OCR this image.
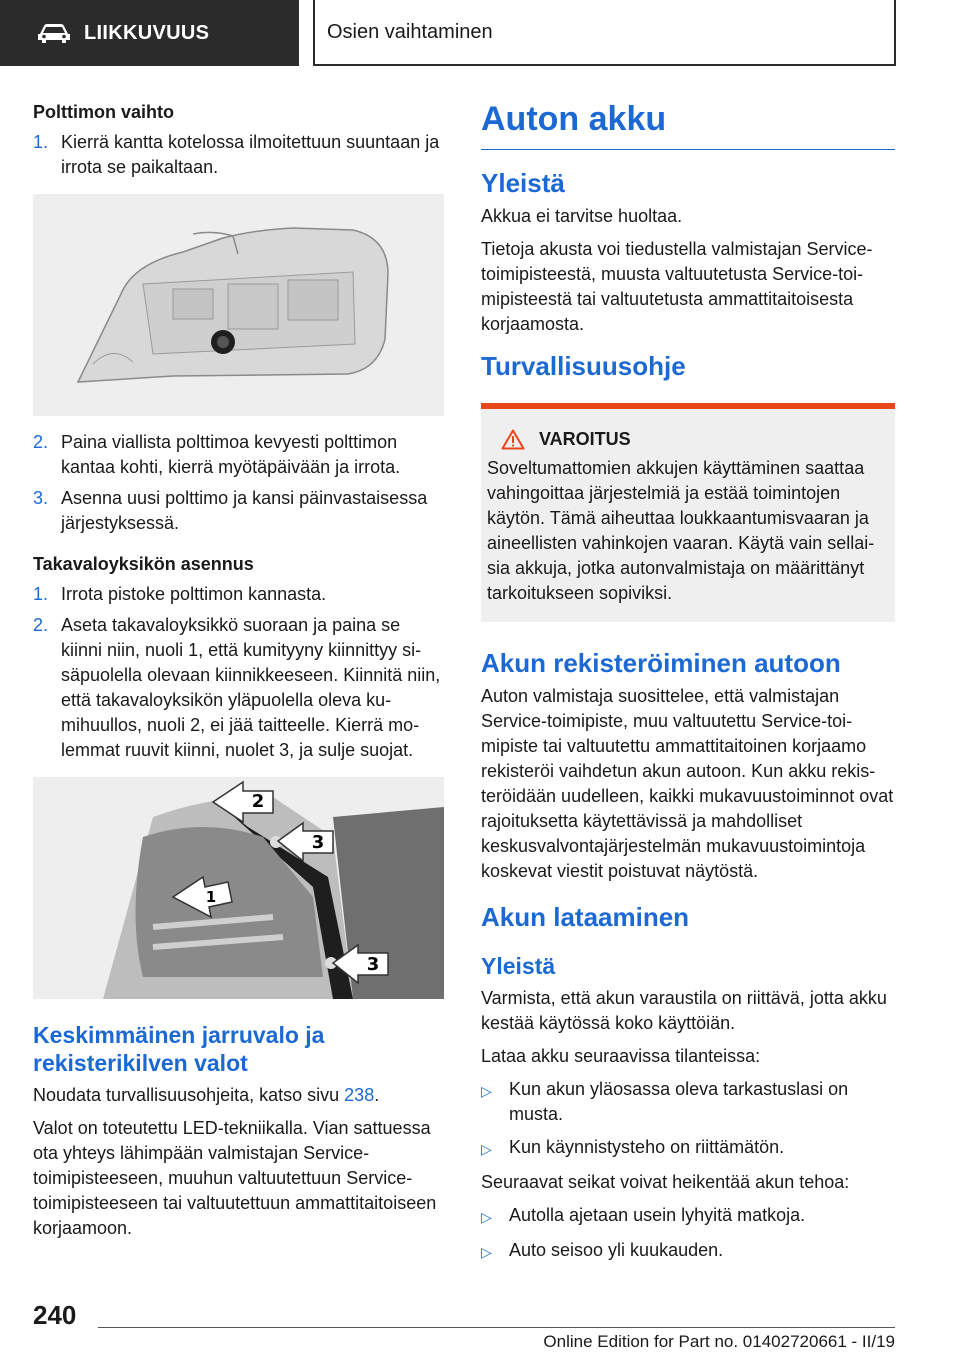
LIIKKUVUUS	Osien vaihtaminen
Polttimon vaihto
1. Kierrä kantta kotelossa ilmoitettuun suuntaan ja irrota se paikaltaan.
2. Paina viallista polttimoa kevyesti polttimon kantaa kohti, kierrä myötäpäivään ja irrota.
3. Asenna uusi polttimo ja kansi päinvastaisessa järjestyksessä.
Takavaloyksikön asennus
1. Irrota pistoke polttimon kannasta.
2. Aseta takavaloyksikkö suoraan ja paina se kiinni niin, nuoli 1, että kumityyny kiinnittyy sisäpuolella olevaan kiinnikkeeseen. Kiinnitä niin, että takavaloyksikön yläpuolella oleva kumihuullos, nuoli 2, ei jää taitteelle. Kierrä molemmat ruuvit kiinni, nuolet 3, ja sulje suojat.
2
3
1
3
Keskimmäinen jarruvalo ja rekisterikilven valot
Noudata turvallisuusohjeita, katso sivu 238.
Valot on toteutettu LED-tekniikalla. Vian sattuessa ota yhteys lähimpään valmistajan Service-toimipisteeseen, muuhun valtuutettuun Service-toimipisteeseen tai valtuutettuun ammattitaitoiseen korjaamoon.
Auton akku
Yleistä
Akkua ei tarvitse huoltaa.
Tietoja akusta voi tiedustella valmistajan Service-toimipisteestä, muusta valtuutetusta Service-toimipisteestä tai valtuutetusta ammattitaitoisesta korjaamosta.
Turvallisuusohje
VAROITUS
Soveltumattomien akkujen käyttäminen saattaa vahingoittaa järjestelmiä ja estää toimintojen käytön. Tämä aiheuttaa loukkaantumisvaaran ja aineellisten vahinkojen vaaran. Käytä vain sellaisia akkuja, jotka autonvalmistaja on määrittänyt tarkoitukseen sopiviksi.
Akun rekisteröiminen autoon
Auton valmistaja suosittelee, että valmistajan Service-toimipiste, muu valtuutettu Service-toimipiste tai valtuutettu ammattitaitoinen korjaamo rekisteröi vaihdetun akun autoon. Kun akku rekisteröidään uudelleen, kaikki mukavuustoiminnot ovat rajoituksetta käytettävissä ja mahdolliset keskusvalvontajärjestelmän mukavuustoimintoja koskevat viestit poistuvat näytöstä.
Akun lataaminen
Yleistä
Varmista, että akun varaustila on riittävä, jotta akku kestää käytössä koko käyttöiän.
Lataa akku seuraavissa tilanteissa:
▷ Kun akun yläosassa oleva tarkastuslasi on musta.
▷ Kun käynnistysteho on riittämätön.
Seuraavat seikat voivat heikentää akun tehoa:
▷ Autolla ajetaan usein lyhyitä matkoja.
▷ Auto seisoo yli kuukauden.
240
Online Edition for Part no. 01402720661 - II/19
